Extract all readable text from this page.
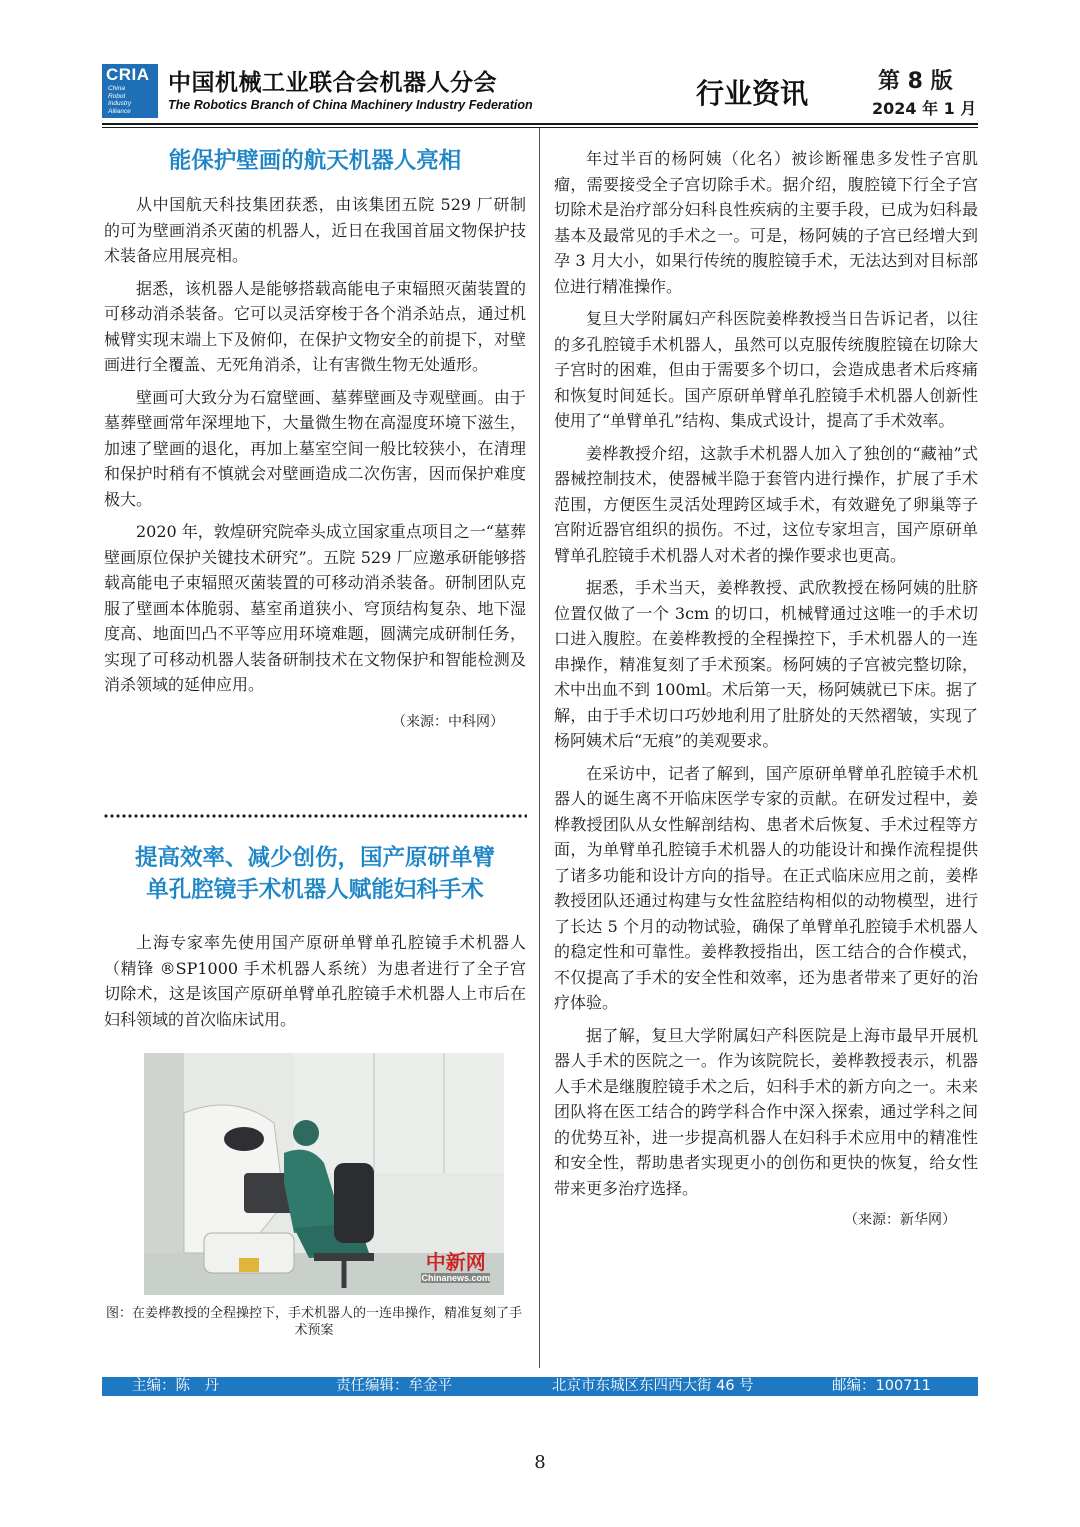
CRIA
China
Robot
Industry
Alliance
中国机械工业联合会机器人分会
The Robotics Branch of China Machinery Industry Federation	行业资讯	第 8 版
2024 年 1 月
能保护壁画的航天机器人亮相

从中国航天科技集团获悉，由该集团五院 529 厂研制的可为壁画消杀灭菌的机器人，近日在我国首届文物保护技术装备应用展亮相。

据悉，该机器人是能够搭载高能电子束辐照灭菌装置的可移动消杀装备。它可以灵活穿梭于各个消杀站点，通过机械臂实现末端上下及俯仰，在保护文物安全的前提下，对壁画进行全覆盖、无死角消杀，让有害微生物无处遁形。

壁画可大致分为石窟壁画、墓葬壁画及寺观壁画。由于墓葬壁画常年深埋地下，大量微生物在高湿度环境下滋生，加速了壁画的退化，再加上墓室空间一般比较狭小，在清理和保护时稍有不慎就会对壁画造成二次伤害，因而保护难度极大。

2020 年，敦煌研究院牵头成立国家重点项目之一“墓葬壁画原位保护关键技术研究”。五院 529 厂应邀承研能够搭载高能电子束辐照灭菌装置的可移动消杀装备。研制团队克服了壁画本体脆弱、墓室甬道狭小、穹顶结构复杂、地下湿度高、地面凹凸不平等应用环境难题，圆满完成研制任务，实现了可移动机器人装备研制技术在文物保护和智能检测及消杀领域的延伸应用。

（来源：中科网）
提高效率、减少创伤，国产原研单臂
单孔腔镜手术机器人赋能妇科手术

上海专家率先使用国产原研单臂单孔腔镜手术机器人（精锋 ®SP1000 手术机器人系统）为患者进行了全子宫切除术，这是该国产原研单臂单孔腔镜手术机器人上市后在妇科领域的首次临床试用。

中新网
Chinanews.com
图：在姜桦教授的全程操控下，手术机器人的一连串操作，精准复刻了手术预案

年过半百的杨阿姨（化名）被诊断罹患多发性子宫肌瘤，需要接受全子宫切除手术。据介绍，腹腔镜下行全子宫切除术是治疗部分妇科良性疾病的主要手段，已成为妇科最基本及最常见的手术之一。可是，杨阿姨的子宫已经增大到孕 3 月大小，如果行传统的腹腔镜手术，无法达到对目标部位进行精准操作。

复旦大学附属妇产科医院姜桦教授当日告诉记者，以往的多孔腔镜手术机器人，虽然可以克服传统腹腔镜在切除大子宫时的困难，但由于需要多个切口，会造成患者术后疼痛和恢复时间延长。国产原研单臂单孔腔镜手术机器人创新性使用了“单臂单孔”结构、集成式设计，提高了手术效率。

姜桦教授介绍，这款手术机器人加入了独创的“藏袖”式器械控制技术，使器械半隐于套管内进行操作，扩展了手术范围，方便医生灵活处理跨区域手术，有效避免了卵巢等子宫附近器官组织的损伤。不过，这位专家坦言，国产原研单臂单孔腔镜手术机器人对术者的操作要求也更高。

据悉，手术当天，姜桦教授、武欣教授在杨阿姨的肚脐位置仅做了一个 3cm 的切口，机械臂通过这唯一的手术切口进入腹腔。在姜桦教授的全程操控下，手术机器人的一连串操作，精准复刻了手术预案。杨阿姨的子宫被完整切除，术中出血不到 100ml。术后第一天，杨阿姨就已下床。据了解，由于手术切口巧妙地利用了肚脐处的天然褶皱，实现了杨阿姨术后“无痕”的美观要求。

在采访中，记者了解到，国产原研单臂单孔腔镜手术机器人的诞生离不开临床医学专家的贡献。在研发过程中，姜桦教授团队从女性解剖结构、患者术后恢复、手术过程等方面，为单臂单孔腔镜手术机器人的功能设计和操作流程提供了诸多功能和设计方向的指导。在正式临床应用之前，姜桦教授团队还通过构建与女性盆腔结构相似的动物模型，进行了长达 5 个月的动物试验，确保了单臂单孔腔镜手术机器人的稳定性和可靠性。姜桦教授指出，医工结合的合作模式，不仅提高了手术的安全性和效率，还为患者带来了更好的治疗体验。

据了解，复旦大学附属妇产科医院是上海市最早开展机器人手术的医院之一。作为该院院长，姜桦教授表示，机器人手术是继腹腔镜手术之后，妇科手术的新方向之一。未来团队将在医工结合的跨学科合作中深入探索，通过学科之间的优势互补，进一步提高机器人在妇科手术应用中的精准性和安全性，帮助患者实现更小的创伤和更快的恢复，给女性带来更多治疗选择。

（来源：新华网）
主编：陈　丹	责任编辑：牟金平	北京市东城区东四西大街 46 号	邮编：100711
8
